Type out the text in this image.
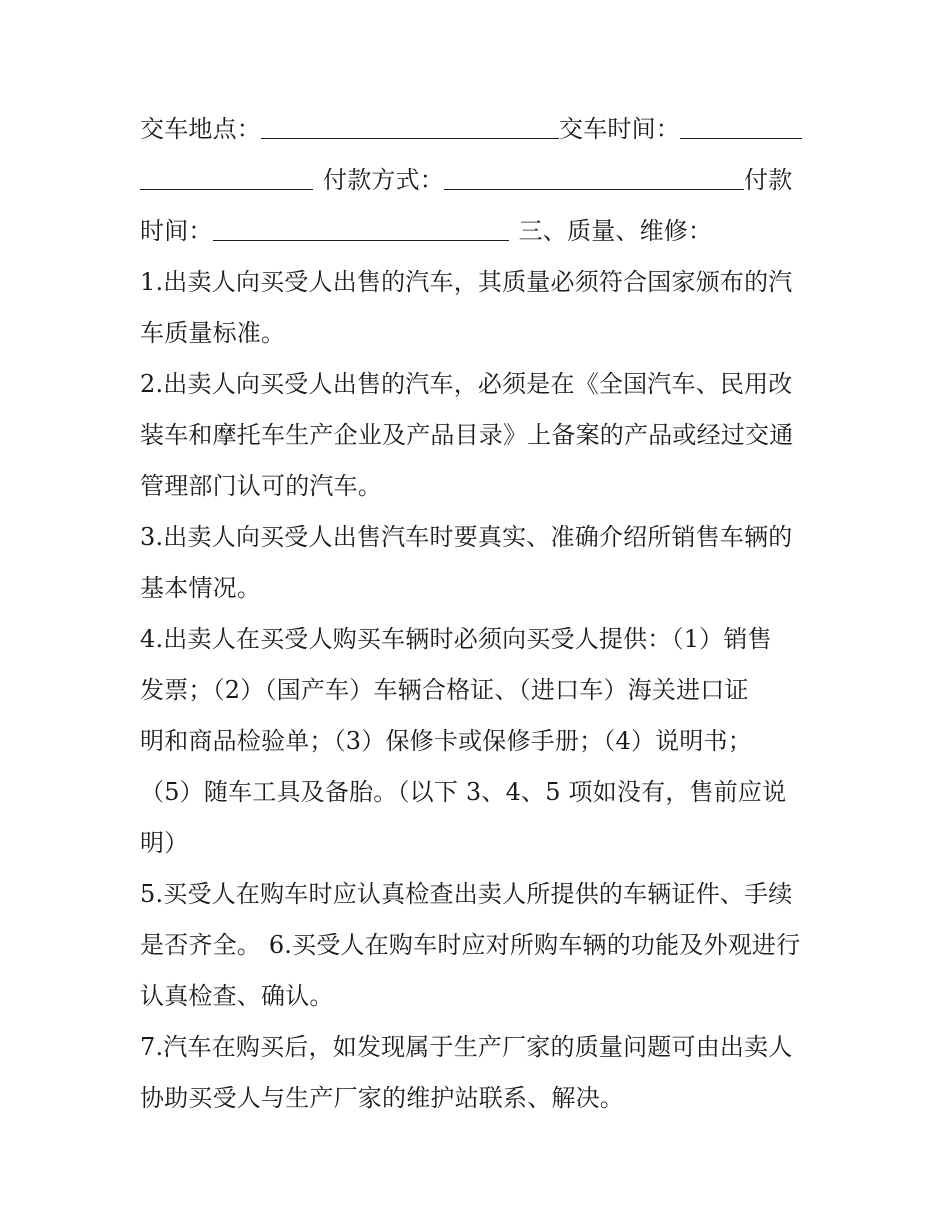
交车地点：	交车时间：
付款方式：	付款
时间：	三、质量、维修：
1.出卖人向买受人出售的汽车，其质量必须符合国家颁布的汽
车质量标准。
2.出卖人向买受人出售的汽车，必须是在《全国汽车、民用改
装车和摩托车生产企业及产品目录》上备案的产品或经过交通
管理部门认可的汽车。
3.出卖人向买受人出售汽车时要真实、准确介绍所销售车辆的
基本情况。
4.出卖人在买受人购买车辆时必须向买受人提供：（1）销售
发票；（2）（国产车）车辆合格证、（进口车）海关进口证
明和商品检验单；（3）保修卡或保修手册；（4）说明书；
（5）随车工具及备胎。（以下 3、4、5 项如没有，售前应说
明）
5.买受人在购车时应认真检查出卖人所提供的车辆证件、手续
是否齐全。 6.买受人在购车时应对所购车辆的功能及外观进行
认真检查、确认。
7.汽车在购买后，如发现属于生产厂家的质量问题可由出卖人
协助买受人与生产厂家的维护站联系、解决。
